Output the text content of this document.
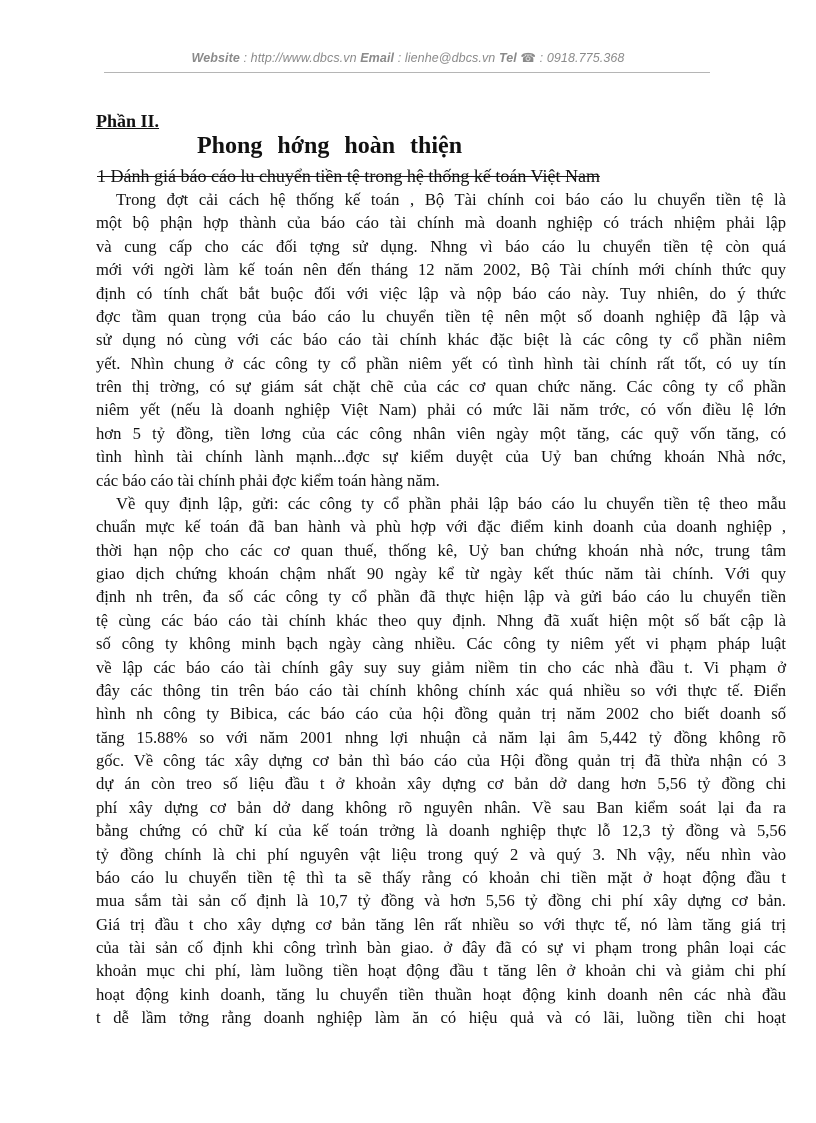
Website : http://www.dbcs.vn Email : lienhe@dbcs.vn Tel ☎ : 0918.775.368
Phần II.
Phong hớng hoàn thiện
1 Đánh giá báo cáo lu chuyển tiền tệ trong hệ thống kế toán Việt Nam
Trong đợt cải cách hệ thống kế toán , Bộ Tài chính coi báo cáo lu chuyển tiền tệ là
một bộ phận hợp thành của báo cáo tài chính mà doanh nghiệp có trách nhiệm phải lập
và cung cấp cho các đối tợng sử dụng. Nhng vì báo cáo lu chuyển tiền tệ còn quá
mới với ngời làm kế toán nên đến tháng 12 năm 2002, Bộ Tài chính mới chính thức quy
định có tính chất bắt buộc đối với việc lập và nộp báo cáo này. Tuy nhiên, do ý thức
đợc tầm quan trọng của báo cáo lu chuyển tiền tệ nên một số doanh nghiệp đã lập và
sử dụng nó cùng với các báo cáo tài chính khác đặc biệt là các công ty cổ phần niêm
yết. Nhìn chung ở các công ty cổ phần niêm yết có tình hình tài chính rất tốt, có uy tín
trên thị trờng, có sự giám sát chặt chẽ của các cơ quan chức năng. Các công ty cổ phần
niêm yết (nếu là doanh nghiệp Việt Nam) phải có mức lãi năm trớc, có vốn điều lệ lớn
hơn 5 tỷ đồng, tiền lơng của các công nhân viên ngày một tăng, các quỹ vốn tăng, có
tình hình tài chính lành mạnh...đợc sự kiểm duyệt của Uỷ ban chứng khoán Nhà nớc,
các báo cáo tài chính phải đợc kiểm toán hàng năm.
Về quy định lập, gửi: các công ty cổ phần phải lập báo cáo lu chuyển tiền tệ theo mẫu
chuẩn mực kế toán đã ban hành và phù hợp với đặc điểm kinh doanh của doanh nghiệp ,
thời hạn nộp cho các cơ quan thuế, thống kê, Uỷ ban chứng khoán nhà nớc, trung tâm
giao dịch chứng khoán chậm nhất 90 ngày kể từ ngày kết thúc năm tài chính. Với quy
định nh trên, đa số các công ty cổ phần đã thực hiện lập và gửi báo cáo lu chuyển tiền
tệ cùng các báo cáo tài chính khác theo quy định. Nhng đã xuất hiện một số bất cập là
số công ty không minh bạch ngày càng nhiều. Các công ty niêm yết vi phạm pháp luật
về lập các báo cáo tài chính gây suy suy giảm niềm tin cho các nhà đầu t. Vi phạm ở
đây các thông tin trên báo cáo tài chính không chính xác quá nhiều so với thực tế. Điển
hình nh công ty Bibica, các báo cáo của hội đồng quản trị năm 2002 cho biết doanh số
tăng 15.88% so với năm 2001 nhng lợi nhuận cả năm lại âm 5,442 tỷ đồng không rõ
gốc. Về công tác xây dựng cơ bản thì báo cáo của Hội đồng quản trị đã thừa nhận có 3
dự án còn treo số liệu đầu t ở khoản xây dựng cơ bản dở dang hơn 5,56 tỷ đồng chi
phí xây dựng cơ bản dở dang không rõ nguyên nhân. Về sau Ban kiểm soát lại đa ra
bằng chứng có chữ kí của kế toán trởng là doanh nghiệp thực lỗ 12,3 tỷ đồng và 5,56
tỷ đồng chính là chi phí nguyên vật liệu trong quý 2 và quý 3. Nh vậy, nếu nhìn vào
báo cáo lu chuyển tiền tệ thì ta sẽ thấy rằng có khoản chi tiền mặt ở hoạt động đầu t
mua sắm tài sản cố định là 10,7 tỷ đồng và hơn 5,56 tỷ đồng chi phí xây dựng cơ bản.
Giá trị đầu t cho xây dựng cơ bản tăng lên rất nhiều so với thực tế, nó làm tăng giá trị
của tài sản cố định khi công trình bàn giao. ở đây đã có sự vi phạm trong phân loại các
khoản mục chi phí, làm luồng tiền hoạt động đầu t tăng lên ở khoản chi và giảm chi phí
hoạt động kinh doanh, tăng lu chuyển tiền thuần hoạt động kinh doanh nên các nhà đầu
t dễ lầm tởng rằng doanh nghiệp làm ăn có hiệu quả và có lãi, luồng tiền chi hoạt
